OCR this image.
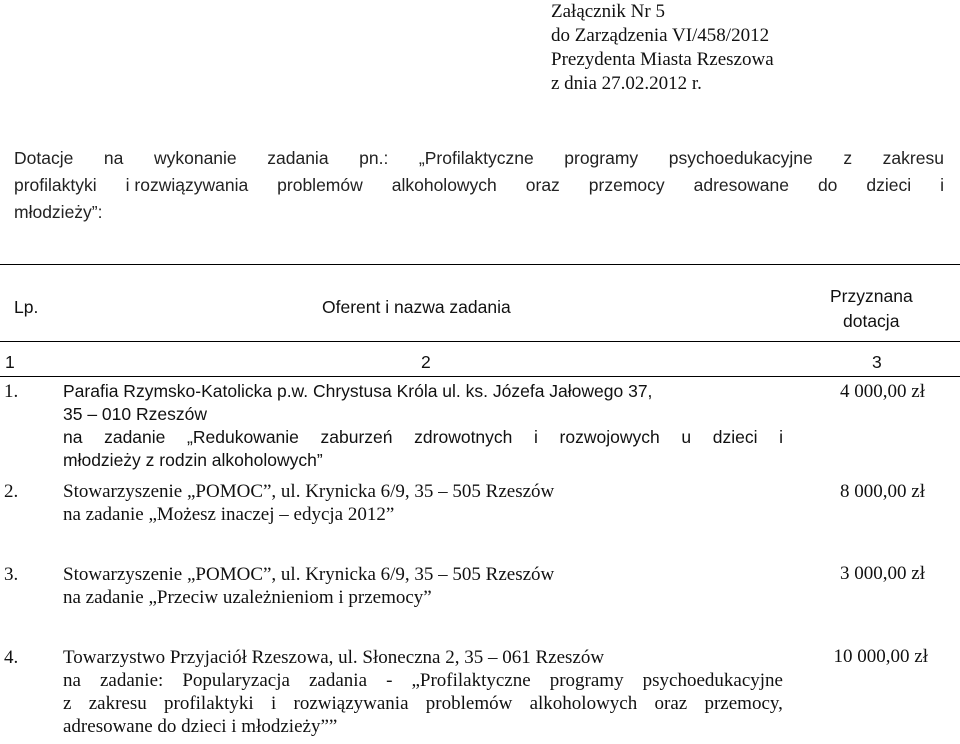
Załącznik Nr 5
do Zarządzenia VI/458/2012
Prezydenta Miasta Rzeszowa
z dnia 27.02.2012 r.
Dotacje na wykonanie zadania pn.: „Profilaktyczne programy psychoedukacyjne z zakresu
profilaktyki i rozwiązywania problemów alkoholowych oraz przemocy adresowane do dzieci i
młodzieży”:
Lp.	Oferent i nazwa zadania
Przyznana
dotacja
1	2	3
1.	Parafia Rzymsko-Katolicka p.w. Chrystusa Króla ul. ks. Józefa Jałowego 37,
35 – 010 Rzeszów
na zadanie „Redukowanie zaburzeń zdrowotnych i rozwojowych u dzieci i
młodzieży z rodzin alkoholowych”
4 000,00 zł
2. Stowarzyszenie „POMOC”, ul. Krynicka 6/9, 35 – 505 Rzeszów
na zadanie „Możesz inaczej – edycja 2012”
8 000,00 zł
3. Stowarzyszenie „POMOC”, ul. Krynicka 6/9, 35 – 505 Rzeszów
na zadanie „Przeciw uzależnieniom i przemocy”
3 000,00 zł
4. Towarzystwo Przyjaciół Rzeszowa, ul. Słoneczna 2, 35 – 061 Rzeszów
na zadanie: Popularyzacja zadania - „Profilaktyczne programy psychoedukacyjne
z zakresu profilaktyki i rozwiązywania problemów alkoholowych oraz przemocy,
adresowane do dzieci i młodzieży””
10 000,00 zł
